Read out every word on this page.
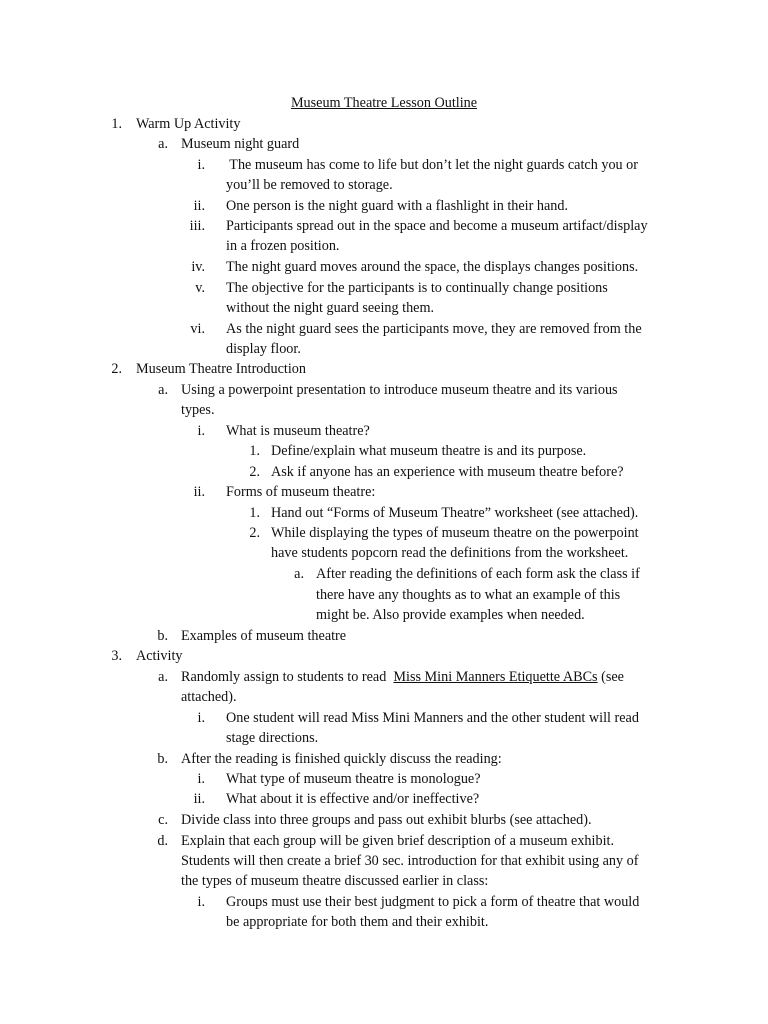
Museum Theatre Lesson Outline
1. Warm Up Activity
a. Museum night guard
i. The museum has come to life but don’t let the night guards catch you or
you’ll be removed to storage.
ii. One person is the night guard with a flashlight in their hand.
iii. Participants spread out in the space and become a museum artifact/display
in a frozen position.
iv. The night guard moves around the space, the displays changes positions.
v. The objective for the participants is to continually change positions
without the night guard seeing them.
vi. As the night guard sees the participants move, they are removed from the
display floor.
2. Museum Theatre Introduction
a. Using a powerpoint presentation to introduce museum theatre and its various
types.
i. What is museum theatre?
1. Define/explain what museum theatre is and its purpose.
2. Ask if anyone has an experience with museum theatre before?
ii. Forms of museum theatre:
1. Hand out “Forms of Museum Theatre” worksheet (see attached).
2. While displaying the types of museum theatre on the powerpoint
have students popcorn read the definitions from the worksheet.
a. After reading the definitions of each form ask the class if
there have any thoughts as to what an example of this
might be. Also provide examples when needed.
b. Examples of museum theatre
3. Activity
a. Randomly assign to students to read  Miss Mini Manners Etiquette ABCs (see
attached).
i. One student will read Miss Mini Manners and the other student will read
stage directions.
b. After the reading is finished quickly discuss the reading:
i. What type of museum theatre is monologue?
ii. What about it is effective and/or ineffective?
c. Divide class into three groups and pass out exhibit blurbs (see attached).
d. Explain that each group will be given brief description of a museum exhibit.
Students will then create a brief 30 sec. introduction for that exhibit using any of
the types of museum theatre discussed earlier in class:
i. Groups must use their best judgment to pick a form of theatre that would
be appropriate for both them and their exhibit.
